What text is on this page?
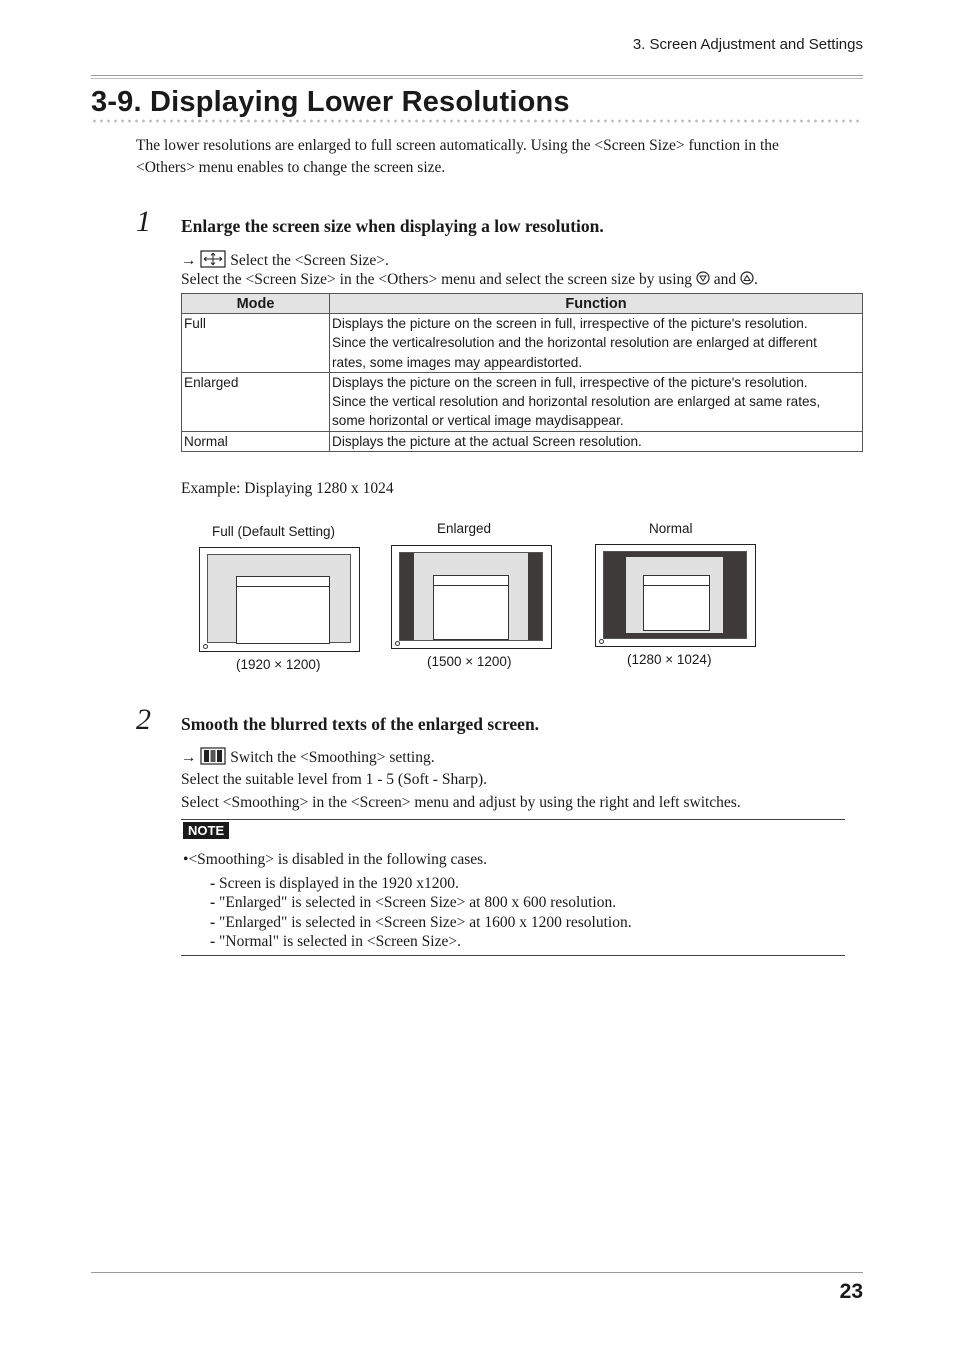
3. Screen Adjustment and Settings
3-9. Displaying Lower Resolutions
The lower resolutions are enlarged to full screen automatically. Using the <Screen Size> function in the
<Others> menu enables to change the screen size.
1 Enlarge the screen size when displaying a low resolution.
→ Select the <Screen Size>.
Select the <Screen Size> in the <Others> menu and select the screen size by using and .
Mode	Function
Full	Displays the picture on the screen in full, irrespective of the picture's resolution.
Since the verticalresolution and the horizontal resolution are enlarged at different
rates, some images may appeardistorted.

Enlarged	Displays the picture on the screen in full, irrespective of the picture's resolution.
Since the vertical resolution and horizontal resolution are enlarged at same rates,
some horizontal or vertical image maydisappear.

Normal	Displays the picture at the actual Screen resolution.
Example: Displaying 1280 x 1024
Full (Default Setting)
(1920 × 1200)
Enlarged
(1500 × 1200)
Normal
(1280 × 1024)
2 Smooth the blurred texts of the enlarged screen.
→ Switch the <Smoothing> setting.
Select the suitable level from 1 - 5 (Soft - Sharp).
Select <Smoothing> in the <Screen> menu and adjust by using the right and left switches.
NOTE
•<Smoothing> is disabled in the following cases.
- Screen is displayed in the 1920 x1200.
- "Enlarged" is selected in <Screen Size> at 800 x 600 resolution.
- "Enlarged" is selected in <Screen Size> at 1600 x 1200 resolution.
- "Normal" is selected in <Screen Size>.
23
